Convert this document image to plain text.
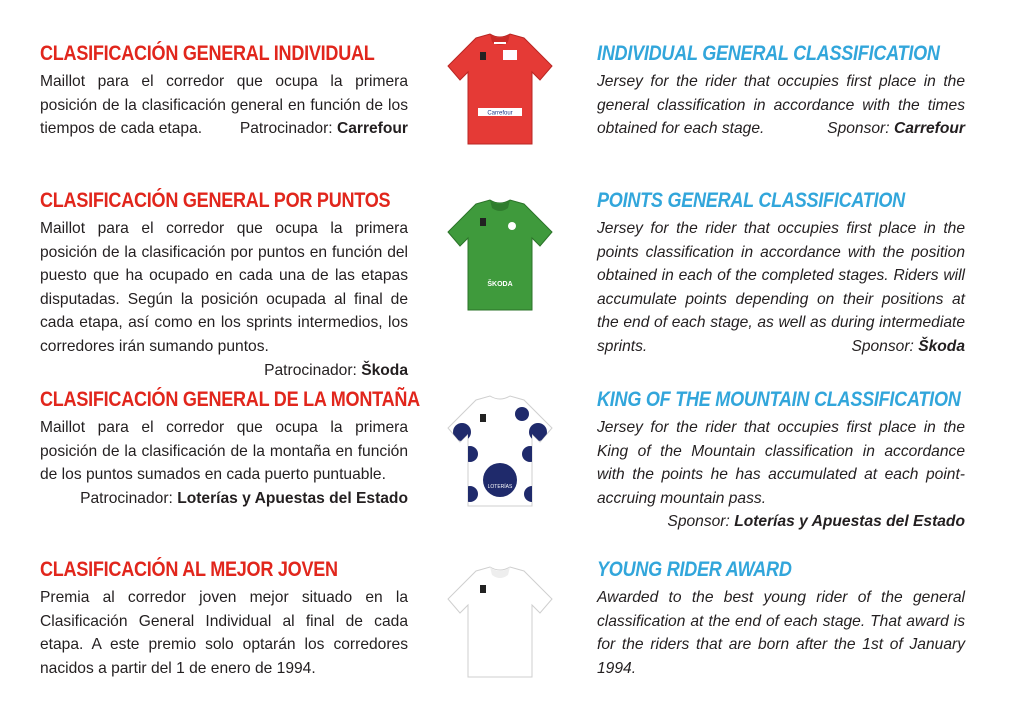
CLASIFICACIÓN GENERAL INDIVIDUAL

Maillot para el corredor que ocupa la primera posición de la clasificación general en función de los tiempos de cada etapa. Patrocinador: Carrefour

Carrefour
INDIVIDUAL GENERAL CLASSIFICATION

Jersey for the rider that occupies first place in the general classification in accordance with the times obtained for each stage.	Sponsor: Carrefour

CLASIFICACIÓN GENERAL POR PUNTOS

Maillot para el corredor que ocupa la primera posición de la clasificación por puntos en función del puesto que ha ocupado en cada una de las etapas disputadas. Según la posición ocupada al final de cada etapa, así como en los sprints intermedios, los corredores irán sumando puntos.
Patrocinador: Škoda

ŠKODA
POINTS GENERAL CLASSIFICATION

Jersey for the rider that occupies first place in the points classification in accordance with the position obtained in each of the completed stages. Riders will accumulate points depending on their positions at the end of each stage, as well as during intermediate sprints.	Sponsor: Škoda

CLASIFICACIÓN GENERAL DE LA MONTAÑA

Maillot para el corredor que ocupa la primera posición de la clasificación de la montaña en función de los puntos sumados en cada puerto puntuable.

Patrocinador: Loterías y Apuestas del Estado
LOTERÍAS
KING OF THE MOUNTAIN CLASSIFICATION

Jersey for the rider that occupies first place in the King of the Mountain classification in accordance with the points he has accumulated at each point-accruing mountain pass.

Sponsor: Loterías y Apuestas del Estado
CLASIFICACIÓN AL MEJOR JOVEN

Premia al corredor joven mejor situado en la Clasificación General Individual al final de cada etapa. A este premio solo optarán los corredores nacidos a partir del 1 de enero de 1994.

YOUNG RIDER AWARD

Awarded to the best young rider of the general classification at the end of each stage. That award is for the riders that are born after the 1st of January 1994.
